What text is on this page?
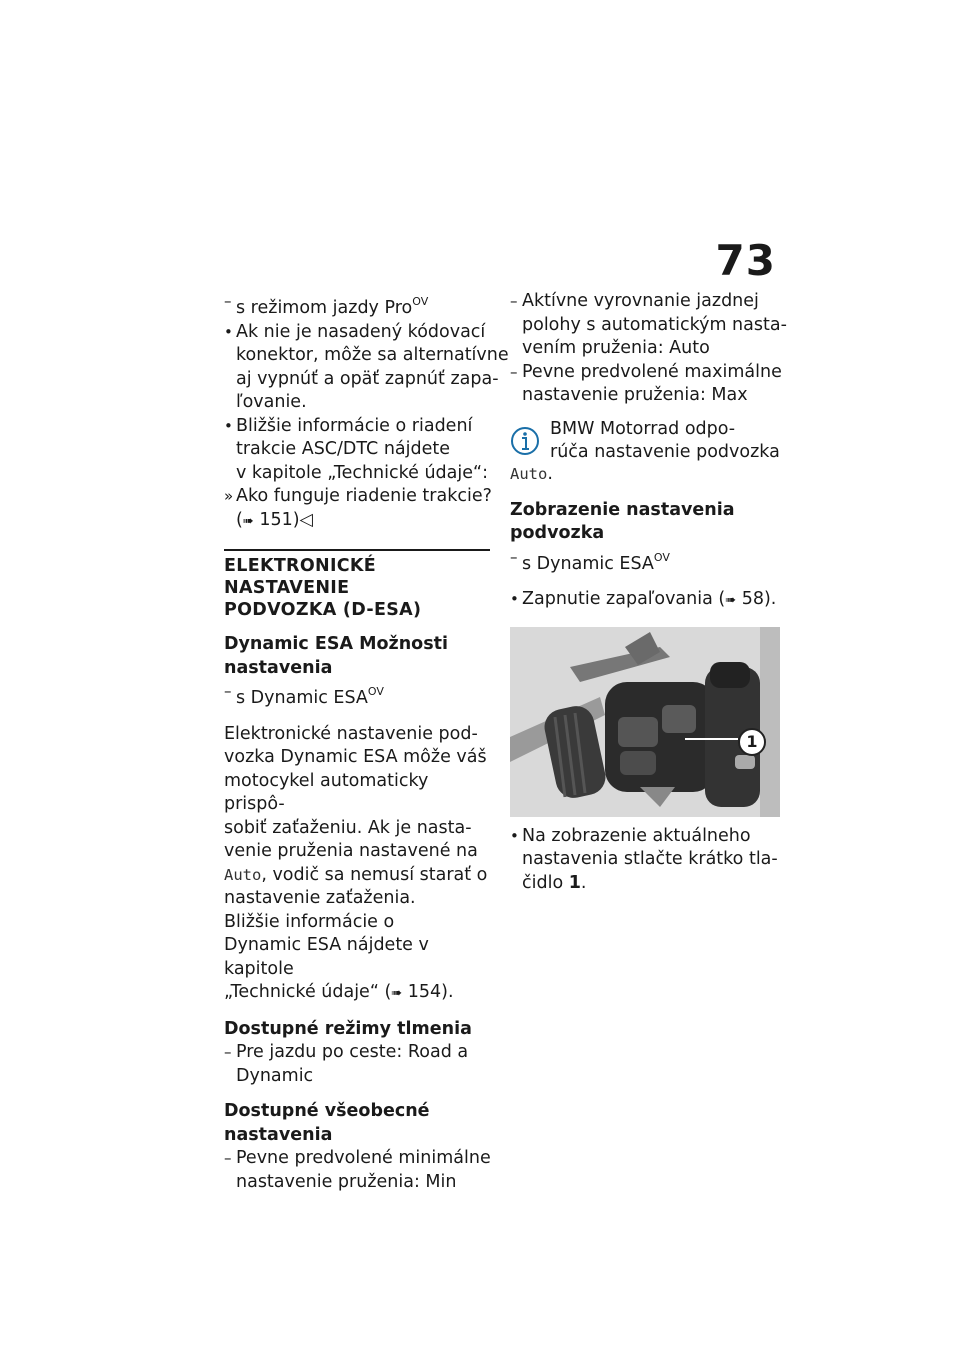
73
– s režimom jazdy Pro$^{OV}$
• Ak nie je nasadený kódovací
konektor, môže sa alternatívne
aj vypnúť a opäť zapnúť zapa-
ľovanie.
• Bližšie informácie o riadení
trakcie ASC/DTC nájdete
v kapitole „Technické údaje“:
» Ako funguje riadenie trakcie?
(➠ 151)◁
ELEKTRONICKÉ NASTAVENIE
PODVOZKA (D-ESA)
Dynamic ESA Možnosti
nastavenia
– s Dynamic $ESA^{OV}$
Elektronické nastavenie pod-
vozka Dynamic ESA môže váš
motocykel automaticky prispô-
sobiť zaťaženiu. Ak je nasta-
venie pruženia nastavené na
Auto, vodič sa nemusí starať o
nastavenie zaťaženia.
Bližšie informácie o
Dynamic ESA nájdete v kapitole
„Technické údaje“ (➠ 154).
Dostupné režimy tlmenia
– Pre jazdu po ceste: Road a
Dynamic
Dostupné všeobecné
nastavenia
– Pevne predvolené minimálne
nastavenie pruženia: Min
– Aktívne vyrovnanie jazdnej
polohy s automatickým nasta-
vením pruženia: Auto
– Pevne predvolené maximálne
nastavenie pruženia: Max
BMW Motorrad odpo-
rúča nastavenie podvozka
Auto.
Zobrazenie nastavenia
podvozka
– s Dynamic $ESA^{OV}$
• Zapnutie zapaľovania (➠ 58).
1
• Na zobrazenie aktuálneho
nastavenia stlačte krátko tla-
čidlo 1.
